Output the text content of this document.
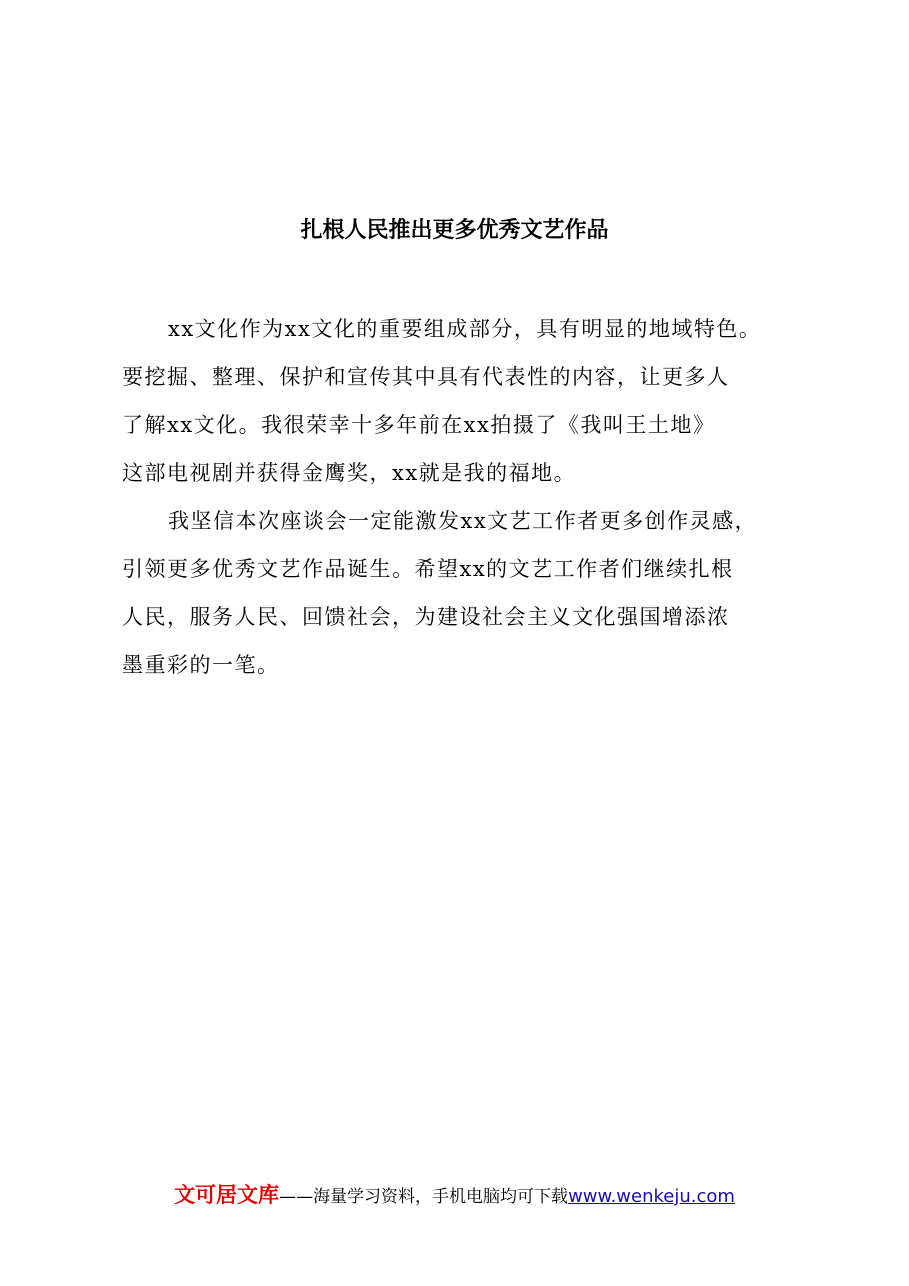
扎根人民推出更多优秀文艺作品

xx文化作为xx文化的重要组成部分，具有明显的地域特色。
要挖掘、整理、保护和宣传其中具有代表性的内容，让更多人
了解xx文化。我很荣幸十多年前在xx拍摄了《我叫王土地》
这部电视剧并获得金鹰奖，xx就是我的福地。

我坚信本次座谈会一定能激发xx文艺工作者更多创作灵感，
引领更多优秀文艺作品诞生。希望xx的文艺工作者们继续扎根
人民，服务人民、回馈社会，为建设社会主义文化强国增添浓
墨重彩的一笔。

文可居文库——海量学习资料，手机电脑均可下载www.wenkeju.com
